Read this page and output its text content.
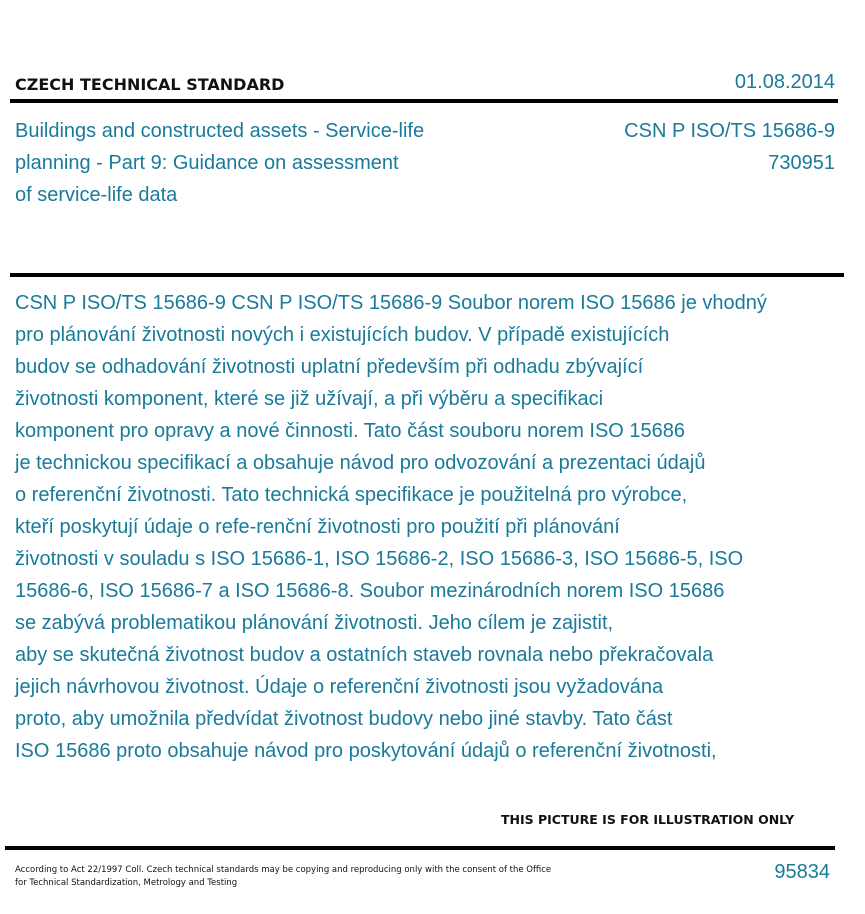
CZECH TECHNICAL STANDARD	01.08.2014
Buildings and constructed assets - Service-life
planning - Part 9: Guidance on assessment
of service-life data
CSN P ISO/TS 15686-9
730951
CSN P ISO/TS 15686-9 CSN P ISO/TS 15686-9 Soubor norem ISO 15686 je vhodný
pro plánování životnosti nových i existujících budov. V případě existujících
budov se odhadování životnosti uplatní především při odhadu zbývající
životnosti komponent, které se již užívají, a při výběru a specifikaci
komponent pro opravy a nové činnosti. Tato část souboru norem ISO 15686
je technickou specifikací a obsahuje návod pro odvozování a prezentaci údajů
o referenční životnosti. Tato technická specifikace je použitelná pro výrobce,
kteří poskytují údaje o refe-renční životnosti pro použití při plánování
životnosti v souladu s ISO 15686-1, ISO 15686-2, ISO 15686-3, ISO 15686-5, ISO
15686-6, ISO 15686-7 a ISO 15686-8. Soubor mezinárodních norem ISO 15686
se zabývá problematikou plánování životnosti. Jeho cílem je zajistit,
aby se skutečná životnost budov a ostatních staveb rovnala nebo překračovala
jejich návrhovou životnost. Údaje o referenční životnosti jsou vyžadována
proto, aby umožnila předvídat životnost budovy nebo jiné stavby. Tato část
ISO 15686 proto obsahuje návod pro poskytování údajů o referenční životnosti,
THIS PICTURE IS FOR ILLUSTRATION ONLY
According to Act 22/1997 Coll. Czech technical standards may be copying and reproducing only with the consent of the Office
for Technical Standardization, Metrology and Testing	95834
